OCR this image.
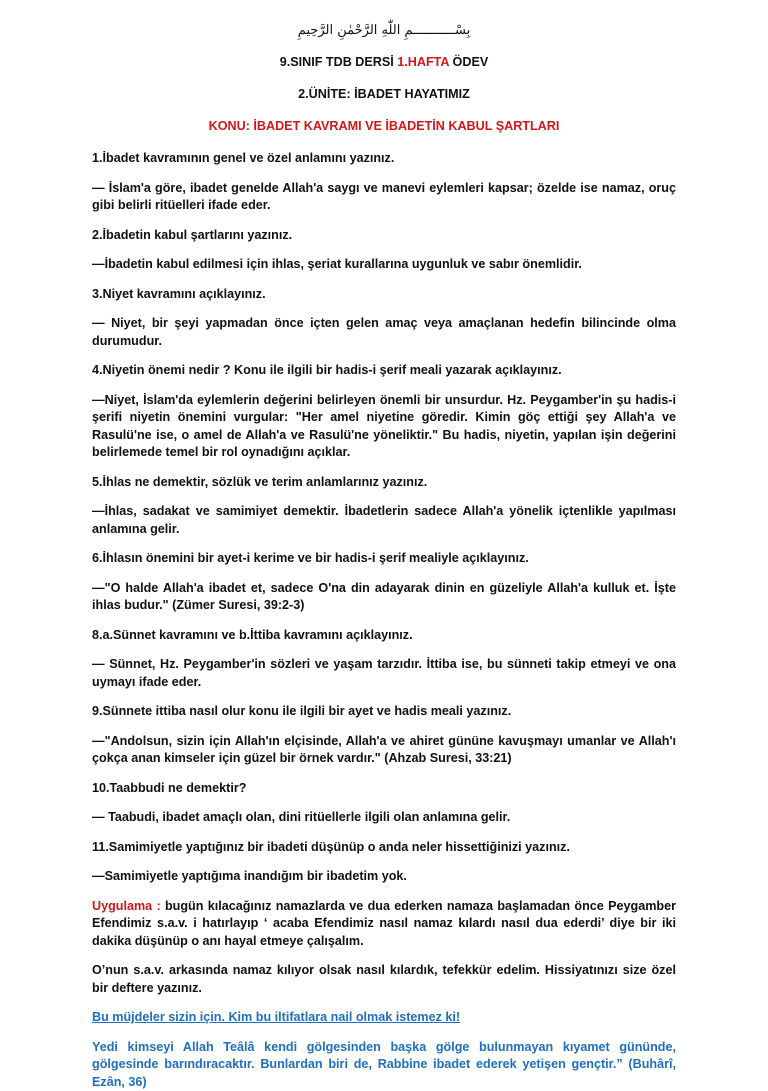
بِسْـــــــــــمِ اللّٰهِ الرَّحْمٰنِ الرَّحِيمِ
9.SINIF TDB DERSİ 1.HAFTA ÖDEV
2.ÜNİTE: İBADET HAYATIMIZ
KONU: İBADET KAVRAMI VE İBADETİN KABUL ŞARTLARI

1.İbadet kavramının genel ve özel anlamını yazınız.

— İslam'a göre, ibadet genelde Allah'a saygı ve manevi eylemleri kapsar; özelde ise namaz, oruç gibi belirli ritüelleri ifade eder.

2.İbadetin kabul şartlarını yazınız.

—İbadetin kabul edilmesi için ihlas, şeriat kurallarına uygunluk ve sabır önemlidir.

3.Niyet kavramını açıklayınız.

— Niyet, bir şeyi yapmadan önce içten gelen amaç veya amaçlanan hedefin bilincinde olma durumudur.

4.Niyetin önemi nedir ? Konu ile ilgili bir hadis-i şerif meali yazarak açıklayınız.

—Niyet, İslam'da eylemlerin değerini belirleyen önemli bir unsurdur. Hz. Peygamber'in şu hadis-i şerifi niyetin önemini vurgular: "Her amel niyetine göredir. Kimin göç ettiği şey Allah'a ve Rasulü'ne ise, o amel de Allah'a ve Rasulü'ne yöneliktir." Bu hadis, niyetin, yapılan işin değerini belirlemede temel bir rol oynadığını açıklar.

5.İhlas ne demektir, sözlük ve terim anlamlarınız yazınız.

—İhlas, sadakat ve samimiyet demektir. İbadetlerin sadece Allah'a yönelik içtenlikle yapılması anlamına gelir.

6.İhlasın önemini bir ayet-i kerime ve bir hadis-i şerif mealiyle açıklayınız.

—"O halde Allah'a ibadet et, sadece O'na din adayarak dinin en güzeliyle Allah'a kulluk et. İşte ihlas budur." (Zümer Suresi, 39:2-3)

8.a.Sünnet kavramını ve b.İttiba kavramını açıklayınız.

— Sünnet, Hz. Peygamber'in sözleri ve yaşam tarzıdır. İttiba ise, bu sünneti takip etmeyi ve ona uymayı ifade eder.

9.Sünnete ittiba nasıl olur konu ile ilgili bir ayet ve hadis meali yazınız.

—"Andolsun, sizin için Allah'ın elçisinde, Allah'a ve ahiret gününe kavuşmayı umanlar ve Allah'ı çokça anan kimseler için güzel bir örnek vardır." (Ahzab Suresi, 33:21)

10.Taabbudi ne demektir?

— Taabudi, ibadet amaçlı olan, dini ritüellerle ilgili olan anlamına gelir.

11.Samimiyetle yaptığınız bir ibadeti düşünüp o anda neler hissettiğinizi yazınız.

—Samimiyetle yaptığıma inandığım bir ibadetim yok.

Uygulama : bugün kılacağınız namazlarda ve dua ederken namaza başlamadan önce Peygamber Efendimiz s.a.v. i hatırlayıp ‘ acaba Efendimiz nasıl namaz kılardı nasıl dua ederdi’ diye bir iki dakika düşünüp o anı hayal etmeye çalışalım.

O’nun s.a.v. arkasında namaz kılıyor olsak nasıl kılardık, tefekkür edelim. Hissiyatınızı size özel bir deftere yazınız.

Bu müjdeler sizin için. Kim bu iltifatlara nail olmak istemez ki!

Yedi kimseyi Allah Teâlâ kendi gölgesinden başka gölge bulunmayan kıyamet gününde, gölgesinde barındıracaktır. Bunlardan biri de, Rabbine ibadet ederek yetişen gençtir.” (Buhârî, Ezân, 36)
